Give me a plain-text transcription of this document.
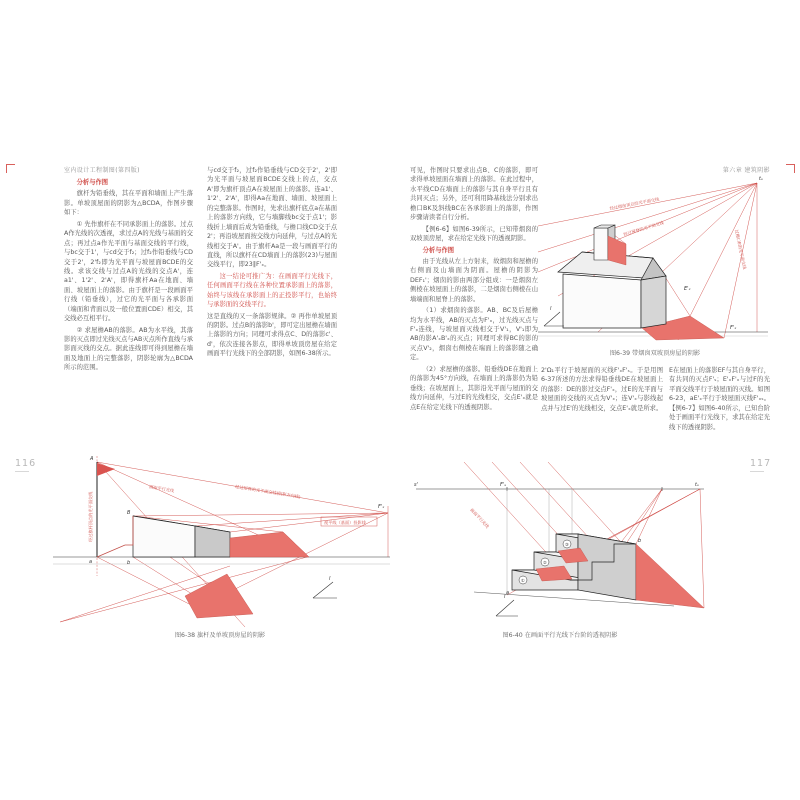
室内设计工程制图(第四版)	第六章 建筑阴影
116	117

分析与作图

旗杆为铅垂线，其在平面和墙面上产生落影。单坡顶屋面的阴影为△BCDA，作图步骤如下：

① 先作旗杆在不同承影面上的落影。过点A作光线的次透视，求过点A的光线与基面的交点；再过点a作光平面与基面交线的平行线，与bc交于1'，与cd交于f₂；过f₂作铅垂线与CD交于2'，2'f₂即为光平面与坡屋面BCDE的交线。求该交线与过点A的光线的交点A'，连a1'、1'2'、2'A'，即得旗杆Aa在地面、墙面、坡屋面上的落影。由于旗杆是一段画面平行线（铅垂线），过它的光平面与各承影面（端面和背面以及一般位置面CDE）相交，其交线必互相平行。

② 求屋檐AB的落影。AB为水平线，其落影的灭点即过光线灭点与AB灭点所作直线与承影面灭线的交点。据此连线即可得到屋檐在墙面及地面上的完整落影，阴影轮廓为△BCDA所示的范围。

与cd交于f₂，过f₂作铅垂线与CD交于2'，2'即为光平面与坡屋面BCDE交线上的点，交点A'即为旗杆顶点A在坡屋面上的落影。连a1'、1'2'、2'A'，即得Aa在地面、墙面、坡屋面上的完整落影。作图时，先求出旗杆底点a在基面上的落影方向线，它与墙脚线bc交于点1'；影线折上墙面后成为铅垂线，与檐口线CD交于点2'；再沿坡屋面按交线方向延伸，与过点A的光线相交于A'。由于旗杆Aa是一段与画面平行的直线，所以旗杆在CD墙面上的落影(23)与屋面交线平行，即23∥F'ₓ。

这一结论可推广为：在画面平行光线下，任何画面平行线在各种位置承影面上的落影，始终与该线在承影面上的正投影平行，也始终与承影面的交线平行。

这是直线的又一条落影规律。② 再作单坡屋顶的阴影。过点B的落影b'，即可定出屋檐在墙面上落影的方向；同理可求得点C、D的落影c'、d'，依次连接各影点，即得单坡顶房屋在给定画面平行光线下的全部阴影，如图6-38所示。

可见，作图时只要求出点B、C的落影，即可求得单坡屋面在墙面上的落影。在此过程中，水平线CD在墙面上的落影与其自身平行且有共同灭点；另外，还可利用降基线法分别求出檐口BK及斜线BC在各承影面上的落影，作图步骤请读者自行分析。

【例6-6】如图6-39所示，已知带烟囱的双坡顶房屋，求在给定光线下的透视阴影。

分析与作图

由于光线从左上方射来，故烟囱和屋檐的右侧面及山墙面为阴面。屋檐的阴影为DEF₁'；烟囱的影由两部分组成：一是烟囱左侧棱在坡屋面上的落影，二是烟囱右侧棱在山墙端面和屋脊上的落影。

（1）求烟囱的落影。AB、BC及后屋檐均为水平线，AB的灭点为F'ₓ，过光线灭点与F'ₓ连线，与坡屋面灭线相交于V'₁，V'₁即为AB的影A'ₓB'ₓ的灭点；同理可求得BC的影的灭点V'₂，烟囱右侧棱在端面上的落影随之确定。

（2）求屋檐的落影。铅垂线DE在地面上的落影为45°方向线，在墙面上的落影仍为铅垂线；在坡屋面上，其影沿光平面与屋面的交线方向延伸，与过E的光线相交，交点E'ₓ就是点E在给定光线下的透视阴影。

2'Ω₁平行于坡屋面的灭线F'ₓF'ₛ。于是用图6-37所述的方法求得铅垂线DE在坡屋面上的落影：DE的影过交点F'ₓ，过E的光平面与坡屋面的交线的灭点为V'ₓ；连V'ₓ与影线起点并与过E'的光线相交，交点E'ₓ就是所求。

E在屋面上的落影EF与其自身平行，有共同的灭点F'ₛ；E'ₓF'ₓ与过F的光平面交线平行于坡屋面的灭线。如图6-23，aE'ₓ平行于坡屋面灭线F'ₓₛ。【例6-7】如图6-40所示，已知台阶处于画面平行光线下，求其在给定光线下的透视阴影。

经过旗杆顶点的光平面交线
画面平行光线	经过屋脊的光平面交线(阴影方向线)
视平线（基面）投影线
A
a
B
b
F'ₓ
l
图6-38 旗杆及单坡顶房屋的阴影
经过烟囱顶点的光平面交线
经过屋脊的光平面交线
过檐口E的光平面交线
tₛ
F'ₓ
E'ₓ
l
图6-39 带烟囱双坡顶房屋的阴影
①
②
③
画面平行光线
s'	F'ₛ	tₛ
l
a
b
图6-40 在画面平行光线下台阶的透视阴影
